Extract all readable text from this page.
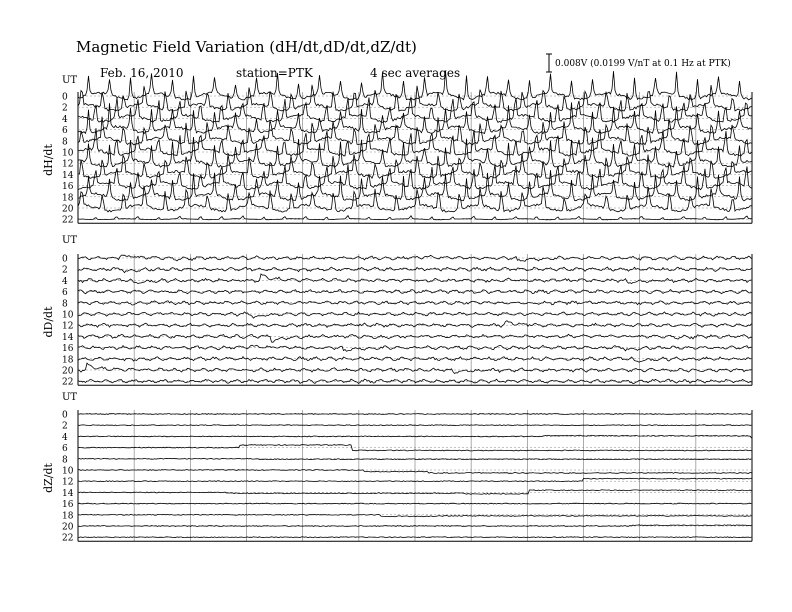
Magnetic Field Variation (dH/dt,dD/dt,dZ/dt)
Feb. 16, 2010	station=PTK	4 sec averages
0.008V (0.0199 V/nT at 0.1 Hz at PTK)
UT
dH/dt
0
2
4
6
8
10
12
14
16
18
20
22
UT
dD/dt
0
2
4
6
8
10
12
14
16
18
20
22
UT
dZ/dt
0
2
4
6
8
10
12
14
16
18
20
22
